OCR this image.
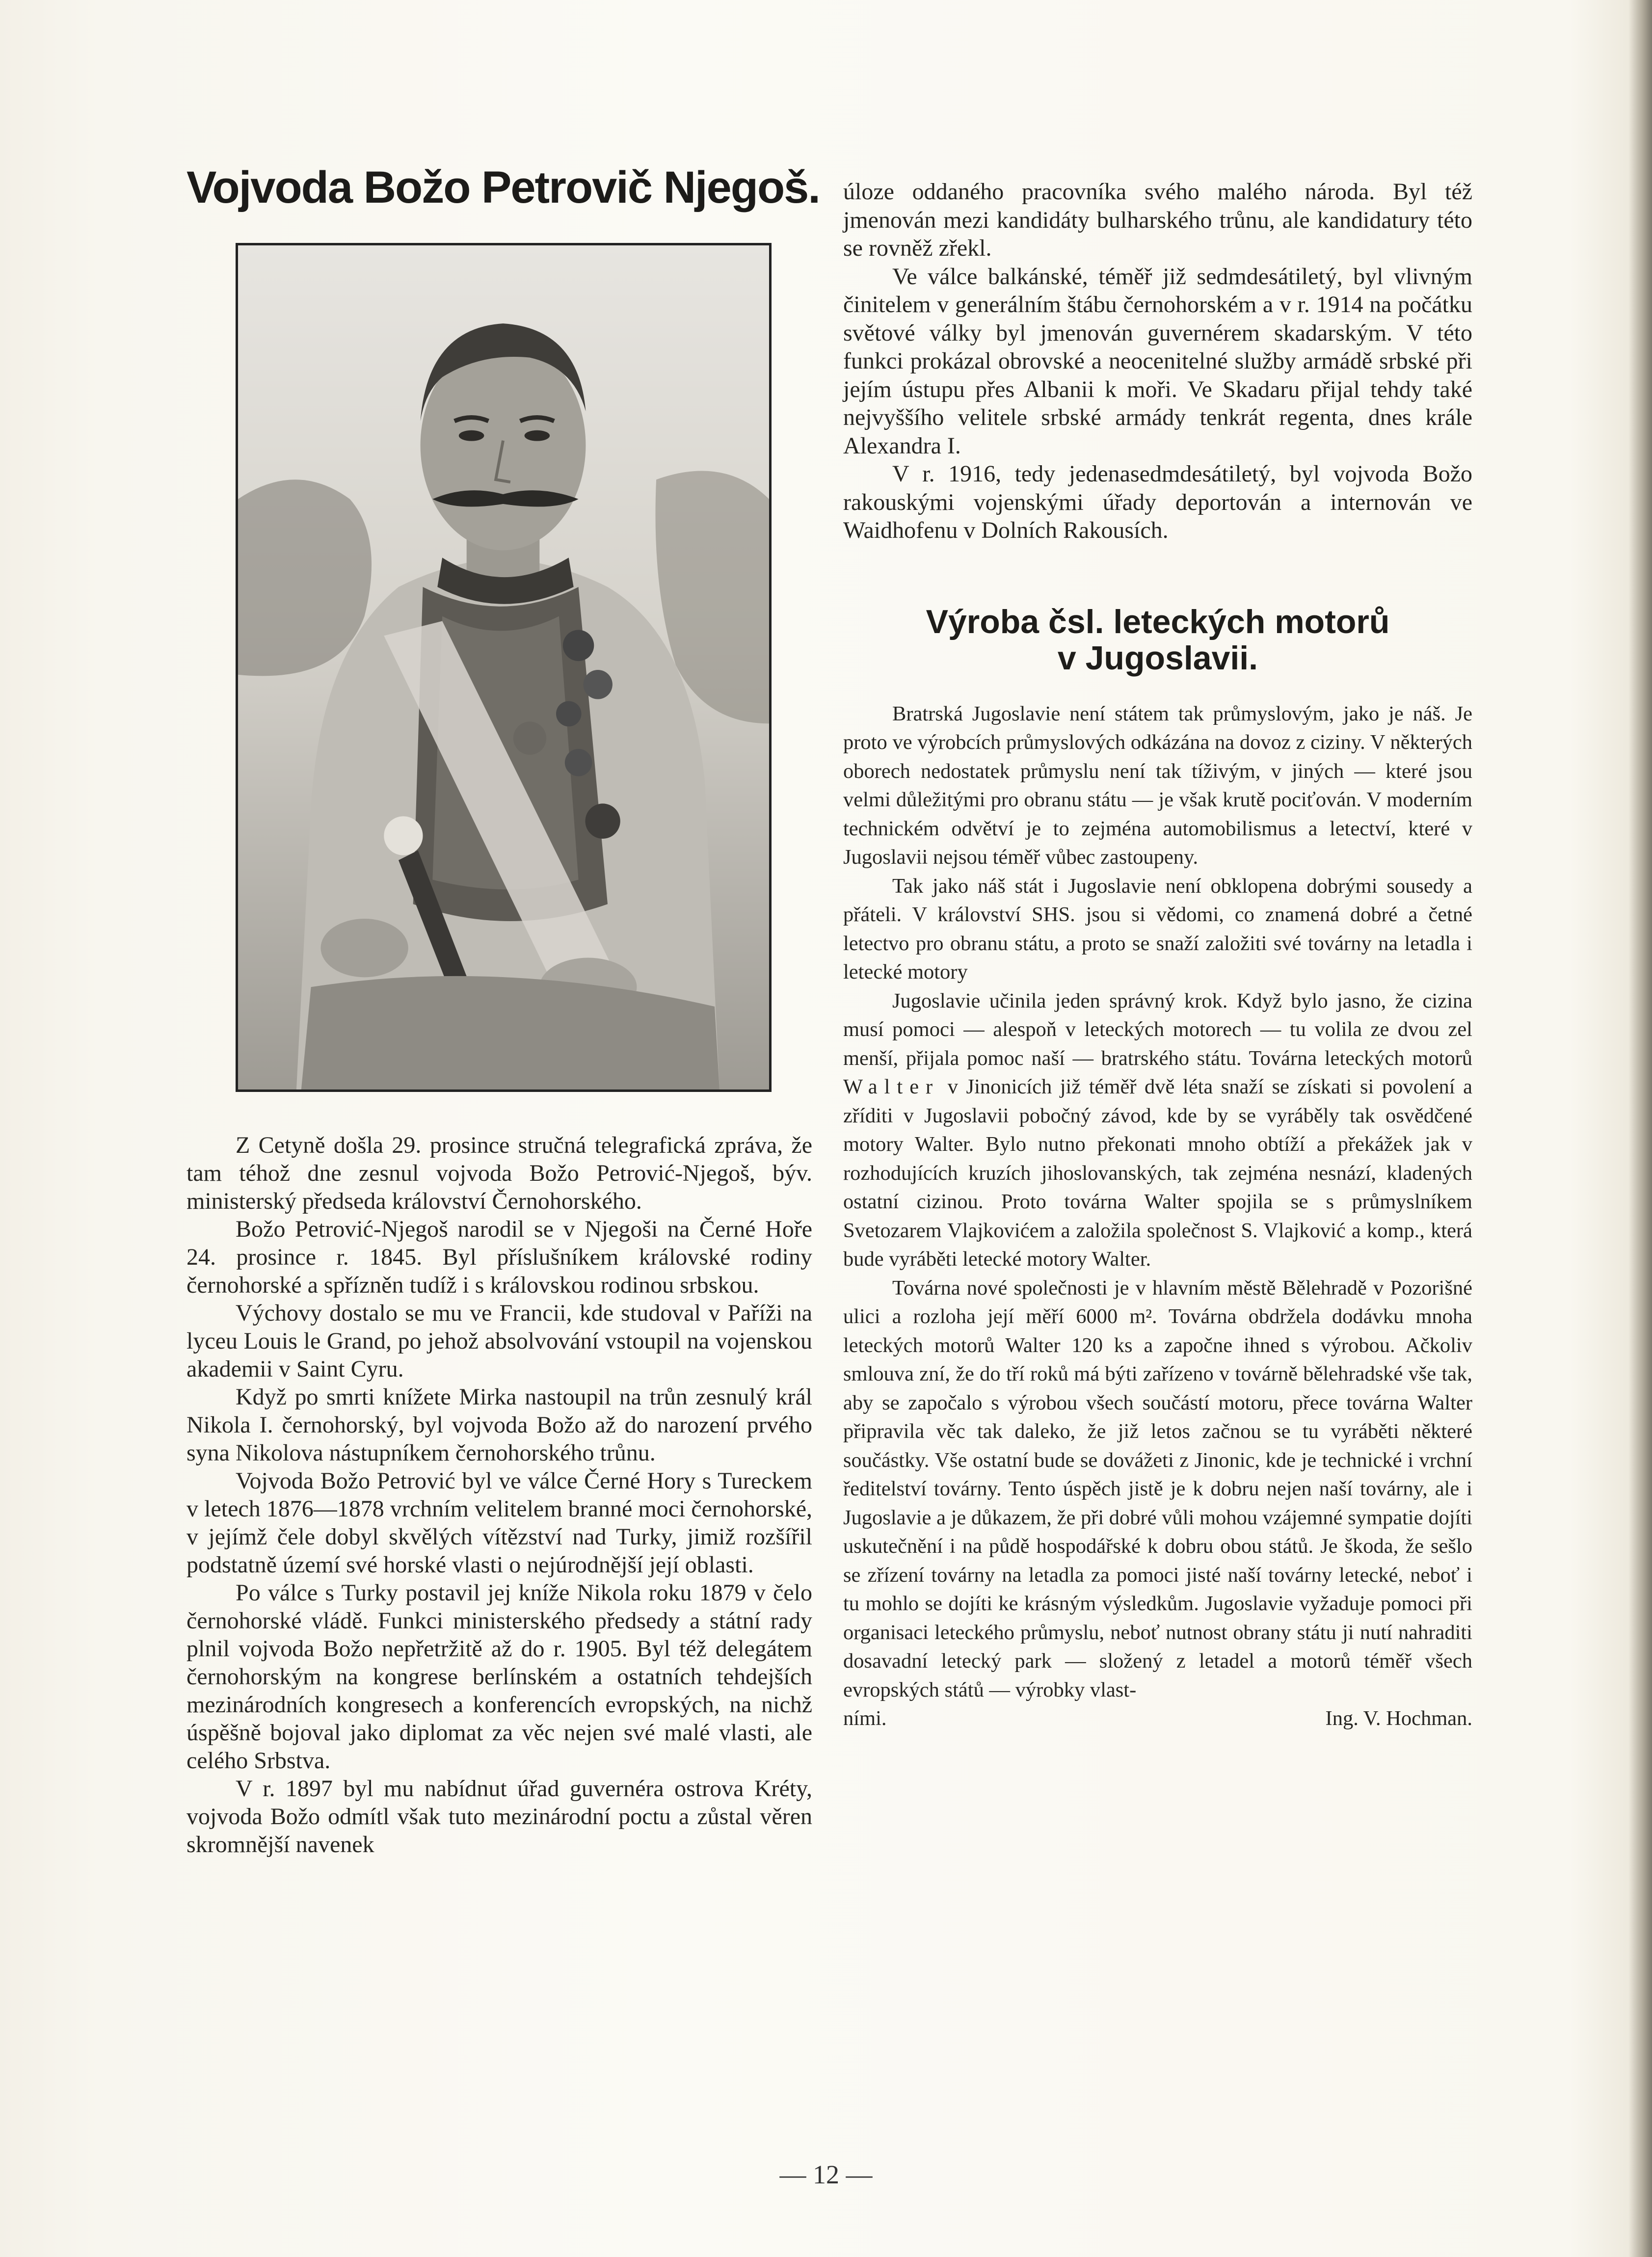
Vojvoda Božo Petrovič Njegoš.

Z Cetyně došla 29. prosince stručná telegrafická zpráva, že tam téhož dne zesnul vojvoda Božo Petrović-Njegoš, býv. ministerský předseda království Černohorského.

Božo Petrović-Njegoš narodil se v Njegoši na Černé Hoře 24. prosince r. 1845. Byl příslušníkem královské rodiny černohorské a spřízněn tudíž i s královskou rodinou srbskou.

Výchovy dostalo se mu ve Francii, kde studoval v Paříži na lyceu Louis le Grand, po jehož absolvování vstoupil na vojenskou akademii v Saint Cyru.

Když po smrti knížete Mirka nastoupil na trůn zesnulý král Nikola I. černohorský, byl vojvoda Božo až do narození prvého syna Nikolova nástupníkem černohorského trůnu.

Vojvoda Božo Petrović byl ve válce Černé Hory s Tureckem v letech 1876—1878 vrchním velitelem branné moci černohorské, v jejímž čele dobyl skvělých vítězství nad Turky, jimiž rozšířil podstatně území své horské vlasti o nejúrodnější její oblasti.

Po válce s Turky postavil jej kníže Nikola roku 1879 v čelo černohorské vládě. Funkci ministerského předsedy a státní rady plnil vojvoda Božo nepřetržitě až do r. 1905. Byl též delegátem černohorským na kongrese berlínském a ostatních tehdejších mezinárodních kongresech a konferencích evropských, na nichž úspěšně bojoval jako diplomat za věc nejen své malé vlasti, ale celého Srbstva.

V r. 1897 byl mu nabídnut úřad guvernéra ostrova Kréty, vojvoda Božo odmítl však tuto mezinárodní poctu a zůstal věren skromnější navenek

úloze oddaného pracovníka svého malého národa. Byl též jmenován mezi kandidáty bulharského trůnu, ale kandidatury této se rovněž zřekl.

Ve válce balkánské, téměř již sedmdesátiletý, byl vlivným činitelem v generálním štábu černohorském a v r. 1914 na počátku světové války byl jmenován guvernérem skadarským. V této funkci prokázal obrovské a neocenitelné služby armádě srbské při jejím ústupu přes Albanii k moři. Ve Skadaru přijal tehdy také nejvyššího velitele srbské armády tenkrát regenta, dnes krále Alexandra I.

V r. 1916, tedy jedenasedmdesátiletý, byl vojvoda Božo rakouskými vojenskými úřady deportován a internován ve Waidhofenu v Dolních Rakousích.

Výroba čsl. leteckých motorů
v Jugoslavii.

Bratrská Jugoslavie není státem tak průmyslovým, jako je náš. Je proto ve výrobcích průmyslových odkázána na dovoz z ciziny. V některých oborech nedostatek průmyslu není tak tíživým, v jiných — které jsou velmi důležitými pro obranu státu — je však krutě pociťován. V moderním technickém odvětví je to zejména automobilismus a letectví, které v Jugoslavii nejsou téměř vůbec zastoupeny.

Tak jako náš stát i Jugoslavie není obklopena dobrými sousedy a přáteli. V království SHS. jsou si vědomi, co znamená dobré a četné letectvo pro obranu státu, a proto se snaží založiti své továrny na letadla i letecké motory

Jugoslavie učinila jeden správný krok. Když bylo jasno, že cizina musí pomoci — alespoň v leteckých motorech — tu volila ze dvou zel menší, přijala pomoc naší — bratrského státu. Továrna leteckých motorů Walter v Jinonicích již téměř dvě léta snaží se získati si povolení a zříditi v Jugoslavii pobočný závod, kde by se vyráběly tak osvědčené motory Walter. Bylo nutno překonati mnoho obtíží a překážek jak v rozhodujících kruzích jihoslovanských, tak zejména nesnází, kladených ostatní cizinou. Proto továrna Walter spojila se s průmyslníkem Svetozarem Vlajkovićem a založila společnost S. Vlajković a komp., která bude vyráběti letecké motory Walter.

Továrna nové společnosti je v hlavním městě Bělehradě v Pozorišné ulici a rozloha její měří 6000 m². Továrna obdržela dodávku mnoha leteckých motorů Walter 120 ks a započne ihned s výrobou. Ačkoliv smlouva zní, že do tří roků má býti zařízeno v továrně bělehradské vše tak, aby se započalo s výrobou všech součástí motoru, přece továrna Walter připravila věc tak daleko, že již letos začnou se tu vyráběti některé součástky. Vše ostatní bude se dovážeti z Jinonic, kde je technické i vrchní ředitelství továrny. Tento úspěch jistě je k dobru nejen naší továrny, ale i Jugoslavie a je důkazem, že při dobré vůli mohou vzájemné sympatie dojíti uskutečnění i na půdě hospodářské k dobru obou států. Je škoda, že sešlo se zřízení továrny na letadla za pomoci jisté naší továrny letecké, neboť i tu mohlo se dojíti ke krásným výsledkům. Jugoslavie vyžaduje pomoci při organisaci leteckého průmyslu, neboť nutnost obrany státu ji nutí nahraditi dosavadní letecký park — složený z letadel a motorů téměř všech evropských států — výrobky vlast-

ními.	Ing. V. Hochman.
— 12 —
